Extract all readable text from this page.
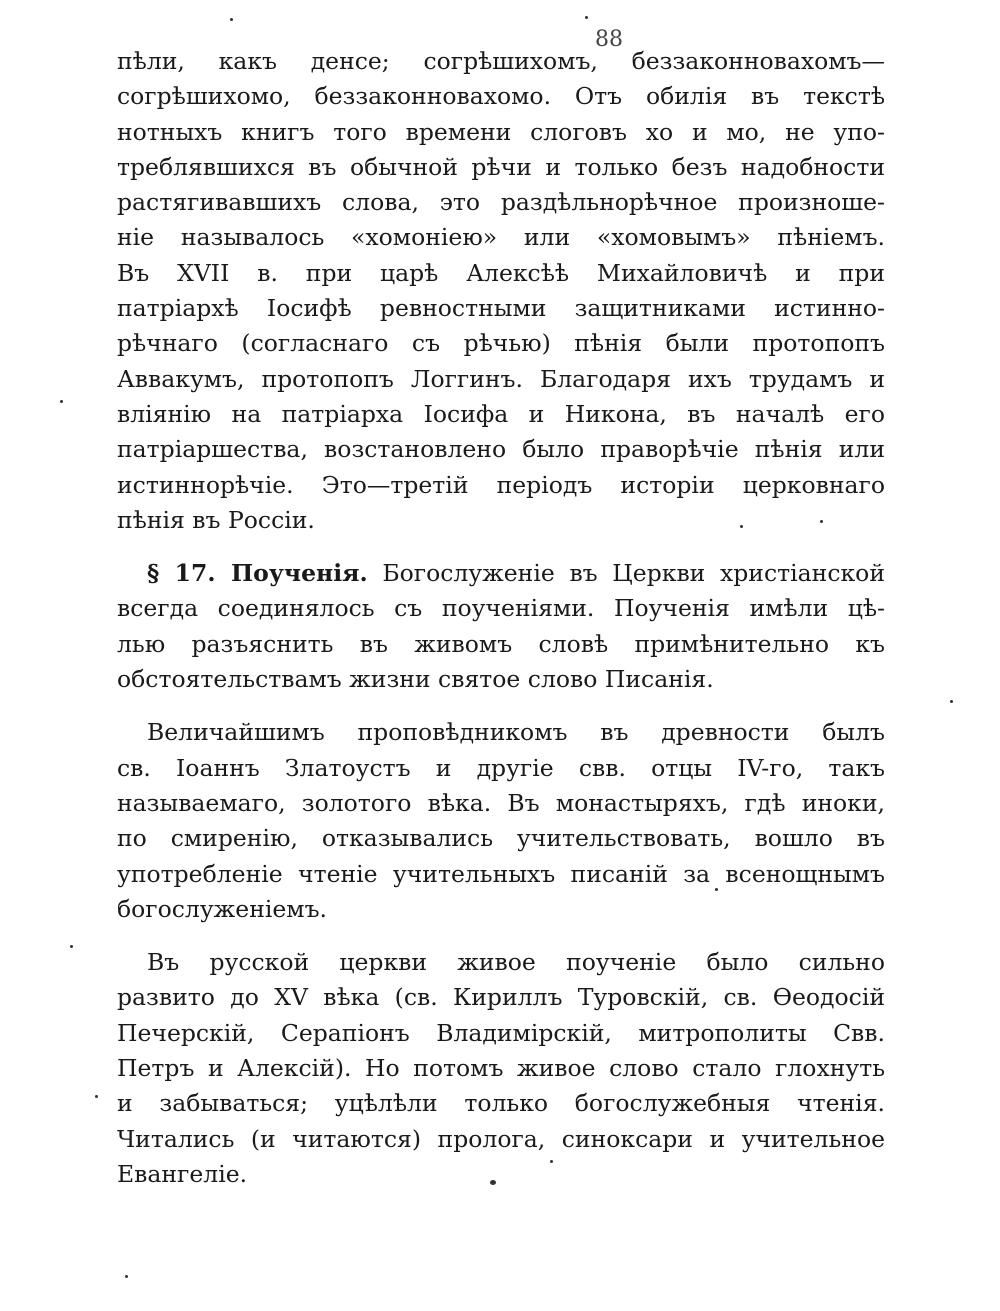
88
пѣли, какъ денсе; согрѣшихомъ, беззаконновахомъ—
согрѣшихомо, беззаконновахомо. Отъ обилія въ текстѣ
нотныхъ книгъ того времени слоговъ хо и мо, не упо-
треблявшихся въ обычной рѣчи и только безъ надобности
растягивавшихъ слова, это раздѣльнорѣчное произноше-
ніе называлось «хомоніею» или «хомовымъ» пѣніемъ.
Въ XVII в. при царѣ Алексѣѣ Михайловичѣ и при
патріархѣ Іосифѣ ревностными защитниками истинно-
рѣчнаго (согласнаго съ рѣчью) пѣнія были протопопъ
Аввакумъ, протопопъ Логгинъ. Благодаря ихъ трудамъ и
вліянію на патріарха Іосифа и Никона, въ началѣ его
патріаршества, возстановлено было праворѣчіе пѣнія или
истиннорѣчіе. Это—третій періодъ исторіи церковнаго
пѣнія въ Россіи.
§ 17. Поученія. Богослуженіе въ Церкви христіанской
всегда соединялось съ поученіями. Поученія имѣли цѣ-
лью разъяснить въ живомъ словѣ примѣнительно къ
обстоятельствамъ жизни святое слово Писанія.
Величайшимъ проповѣдникомъ въ древности былъ
св. Іоаннъ Златоустъ и другіе свв. отцы IV-го, такъ
называемаго, золотого вѣка. Въ монастыряхъ, гдѣ иноки,
по смиренію, отказывались учительствовать, вошло въ
употребленіе чтеніе учительныхъ писаній за всенощнымъ
богослуженіемъ.
Въ русской церкви живое поученіе было сильно
развито до XV вѣка (св. Кириллъ Туровскій, св. Ѳеодосій
Печерскій, Серапіонъ Владимірскій, митрополиты Свв.
Петръ и Алексій). Но потомъ живое слово стало глохнуть
и забываться; уцѣлѣли только богослужебныя чтенія.
Читались (и читаются) пролога, синоксари и учительное
Евангеліе.
